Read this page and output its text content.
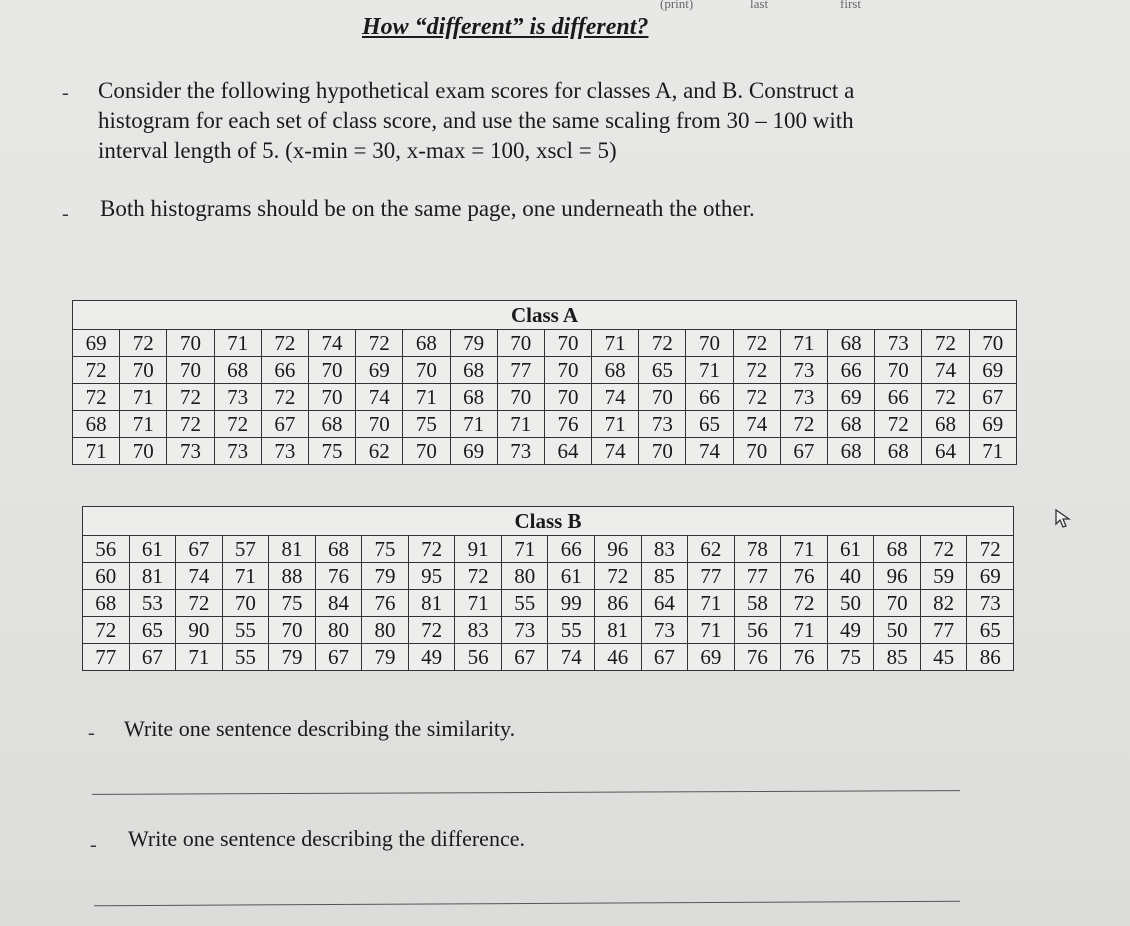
(print)	last	first
How “different” is different?
- Consider the following hypothetical exam scores for classes A, and B. Construct a
histogram for each set of class score, and use the same scaling from 30 – 100 with
interval length of 5. (x-min = 30, x-max = 100, xscl = 5)
- Both histograms should be on the same page, one underneath the other.
Class A																			
69	72	70	71	72	74	72	68	79	70	70	71	72	70	72	71	68	73	72	70
72	70	70	68	66	70	69	70	68	77	70	68	65	71	72	73	66	70	74	69
72	71	72	73	72	70	74	71	68	70	70	74	70	66	72	73	69	66	72	67
68	71	72	72	67	68	70	75	71	71	76	71	73	65	74	72	68	72	68	69
71	70	73	73	73	75	62	70	69	73	64	74	70	74	70	67	68	68	64	71
Class B																			
56	61	67	57	81	68	75	72	91	71	66	96	83	62	78	71	61	68	72	72
60	81	74	71	88	76	79	95	72	80	61	72	85	77	77	76	40	96	59	69
68	53	72	70	75	84	76	81	71	55	99	86	64	71	58	72	50	70	82	73
72	65	90	55	70	80	80	72	83	73	55	81	73	71	56	71	49	50	77	65
77	67	71	55	79	67	79	49	56	67	74	46	67	69	76	76	75	85	45	86
- Write one sentence describing the similarity.
- Write one sentence describing the difference.
